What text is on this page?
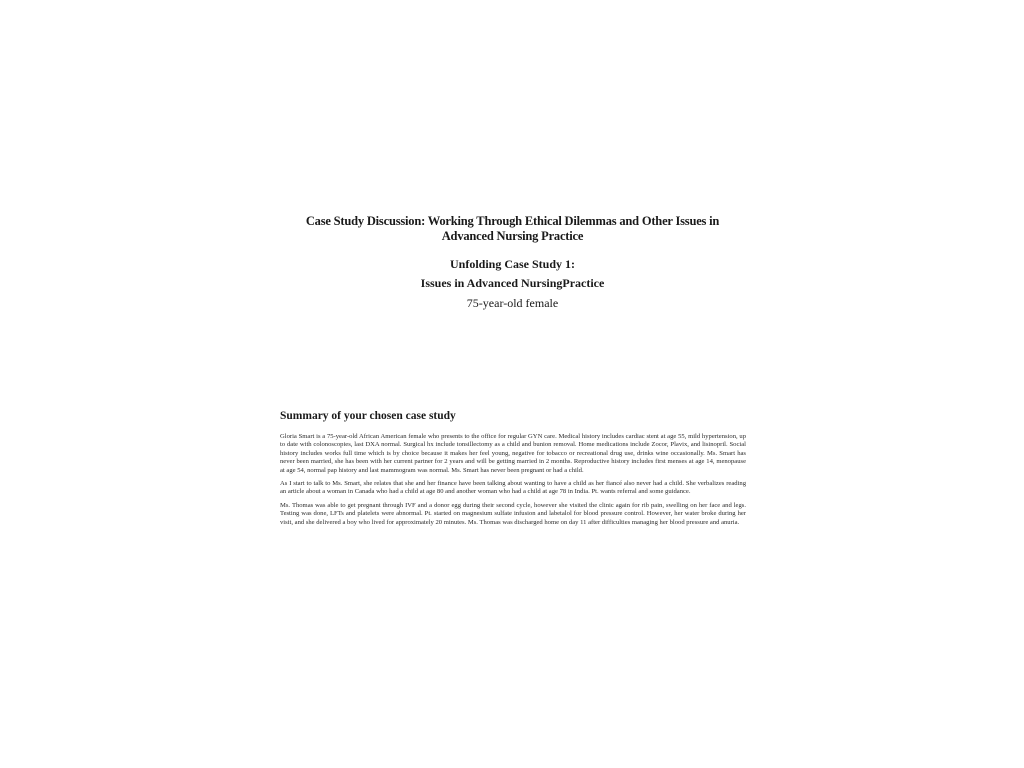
Case Study Discussion: Working Through Ethical Dilemmas and Other Issues in Advanced Nursing Practice

Unfolding Case Study 1:

Issues in Advanced NursingPractice

75-year-old female

Summary of your chosen case study

Gloria Smart is a 75-year-old African American female who presents to the office for regular GYN care. Medical history includes cardiac stent at age 55, mild hypertension, up to date with colonoscopies, last DXA normal. Surgical hx include tonsillectomy as a child and bunion removal. Home medications include Zocor, Plavix, and lisinopril. Social history includes works full time which is by choice because it makes her feel young, negative for tobacco or recreational drug use, drinks wine occasionally. Ms. Smart has never been married, she has been with her current partner for 2 years and will be getting married in 2 months. Reproductive history includes first menses at age 14, menopause at age 54, normal pap history and last mammogram was normal. Ms. Smart has never been pregnant or had a child.

As I start to talk to Ms. Smart, she relates that she and her finance have been talking about wanting to have a child as her fiancé also never had a child. She verbalizes reading an article about a woman in Canada who had a child at age 80 and another woman who had a child at age 78 in India. Pt. wants referral and some guidance.

Ms. Thomas was able to get pregnant through IVF and a donor egg during their second cycle, however she visited the clinic again for rib pain, swelling on her face and legs. Testing was done, LFTs and platelets were abnormal. Pt. started on magnesium sulfate infusion and labetalol for blood pressure control. However, her water broke during her visit, and she delivered a boy who lived for approximately 20 minutes. Ms. Thomas was discharged home on day 11 after difficulties managing her blood pressure and anuria.
